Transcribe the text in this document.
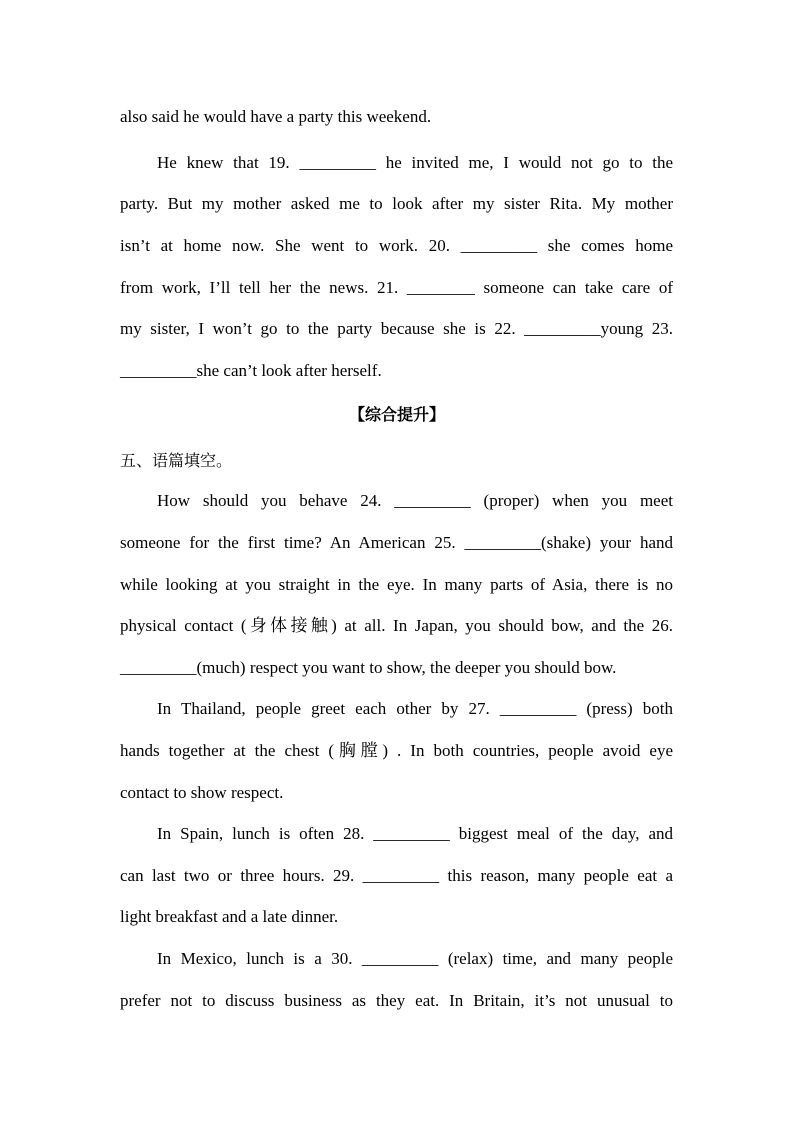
also said he would have a party this weekend.
He knew that 19. _________ he invited me, I would not go to the
party. But my mother asked me to look after my sister Rita. My mother
isn’t at home now. She went to work. 20. _________ she comes home
from work, I’ll tell her the news. 21. ________ someone can take care of
my sister, I won’t go to the party because she is 22. _________young 23.
_________she can’t look after herself.
【综合提升】
五、语篇填空。
How should you behave 24. _________ (proper) when you meet
someone for the first time? An American 25. _________(shake) your hand
while looking at you straight in the eye. In many parts of Asia, there is no
physical contact (身体接触) at all. In Japan, you should bow, and the 26.
_________(much) respect you want to show, the deeper you should bow.
In Thailand, people greet each other by 27. _________ (press) both
hands together at the chest (胸膛) . In both countries, people avoid eye
contact to show respect.
In Spain, lunch is often 28. _________ biggest meal of the day, and
can last two or three hours. 29. _________ this reason, many people eat a
light breakfast and a late dinner.
In Mexico, lunch is a 30. _________ (relax) time, and many people
prefer not to discuss business as they eat. In Britain, it’s not unusual to
